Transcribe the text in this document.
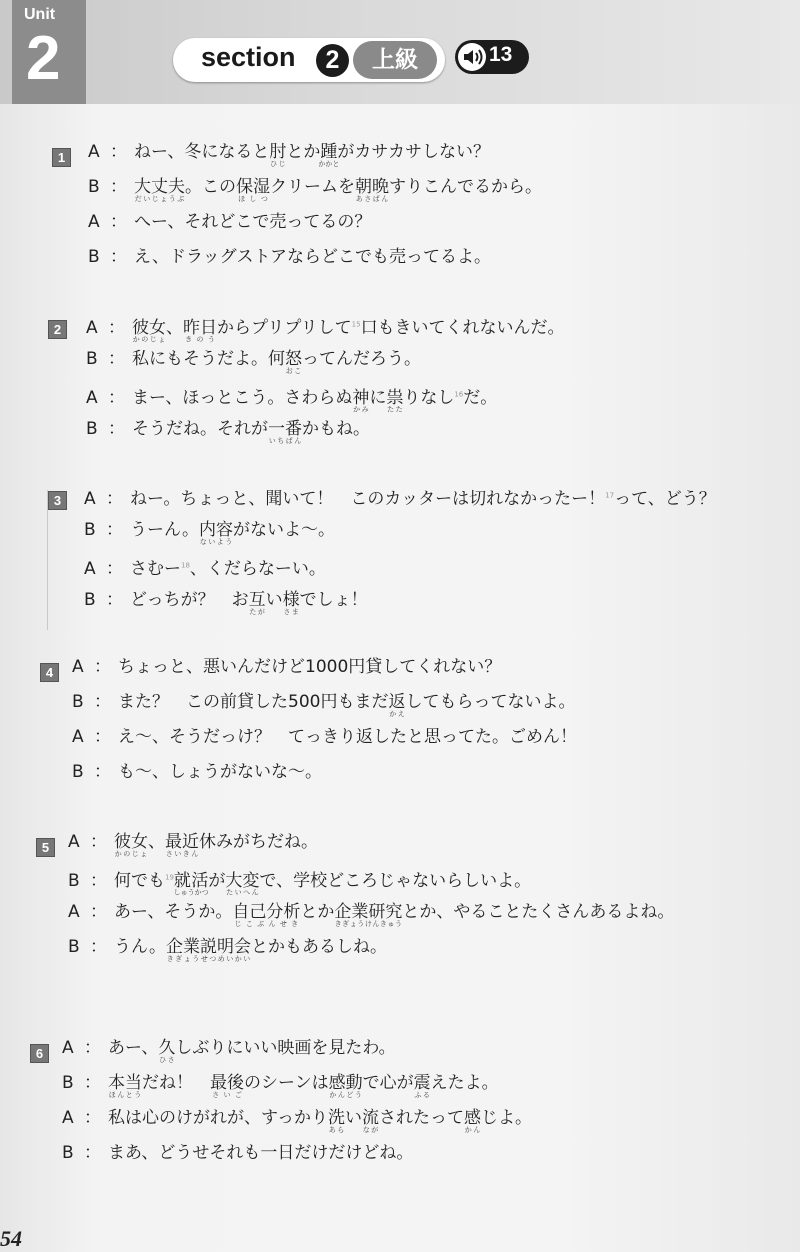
Unit
2	section	2	上級	13
1	A ： ねー、冬になると肘ひじとか踵かかとがカサカサしない？
B ： 大丈夫だいじょうぶ。この保湿ほしつクリームを朝晩あさばんすりこんでるから。
A ： へー、それどこで売ってるの？
B ： え、ドラッグストアならどこでも売ってるよ。
2	A ： 彼女かのじょ、昨日きのうからプリプリして$^{15}$口もきいてくれないんだ。
B ： 私にもそうだよ。何怒おこってんだろう。
A ： まー、ほっとこう。さわらぬ神かみに祟たたりなし$^{16}$だ。
B ： そうだね。それが一番いちばんかもね。
3	A ： ねー。ちょっと、聞いて！　このカッターは切れなかったー！$^{17}$って、どう？
B ： うーん。内容ないようがないよ～。
A ： さむー$^{18}$、くだらなーい。
B ： どっちが？　お互たがい様さまでしょ！
4	A ： ちょっと、悪いんだけど1000円貸してくれない？
B ： また？　この前貸した500円もまだ返かえしてもらってないよ。
A ： え～、そうだっけ？　てっきり返したと思ってた。ごめん！
B ： も～、しょうがないな～。
5	A ： 彼女かのじょ、最近さいきん休みがちだね。
B ： 何でも$^{19}$就活しゅうかつが大変たいへんで、学校どころじゃないらしいよ。
A ： あー、そうか。自己分析じこぶんせきとか企業研究きぎょうけんきゅうとか、やることたくさんあるよね。
B ： うん。企業説明会きぎょうせつめいかいとかもあるしね。
6	A ： あー、久ひさしぶりにいい映画を見たわ。
B ： 本当ほんとうだね！　最後さいごのシーンは感動かんどうで心が震ふるえたよ。
A ： 私は心のけがれが、すっかり洗あらい流ながされたって感かんじよ。
B ： まあ、どうせそれも一日だけだけどね。
54
